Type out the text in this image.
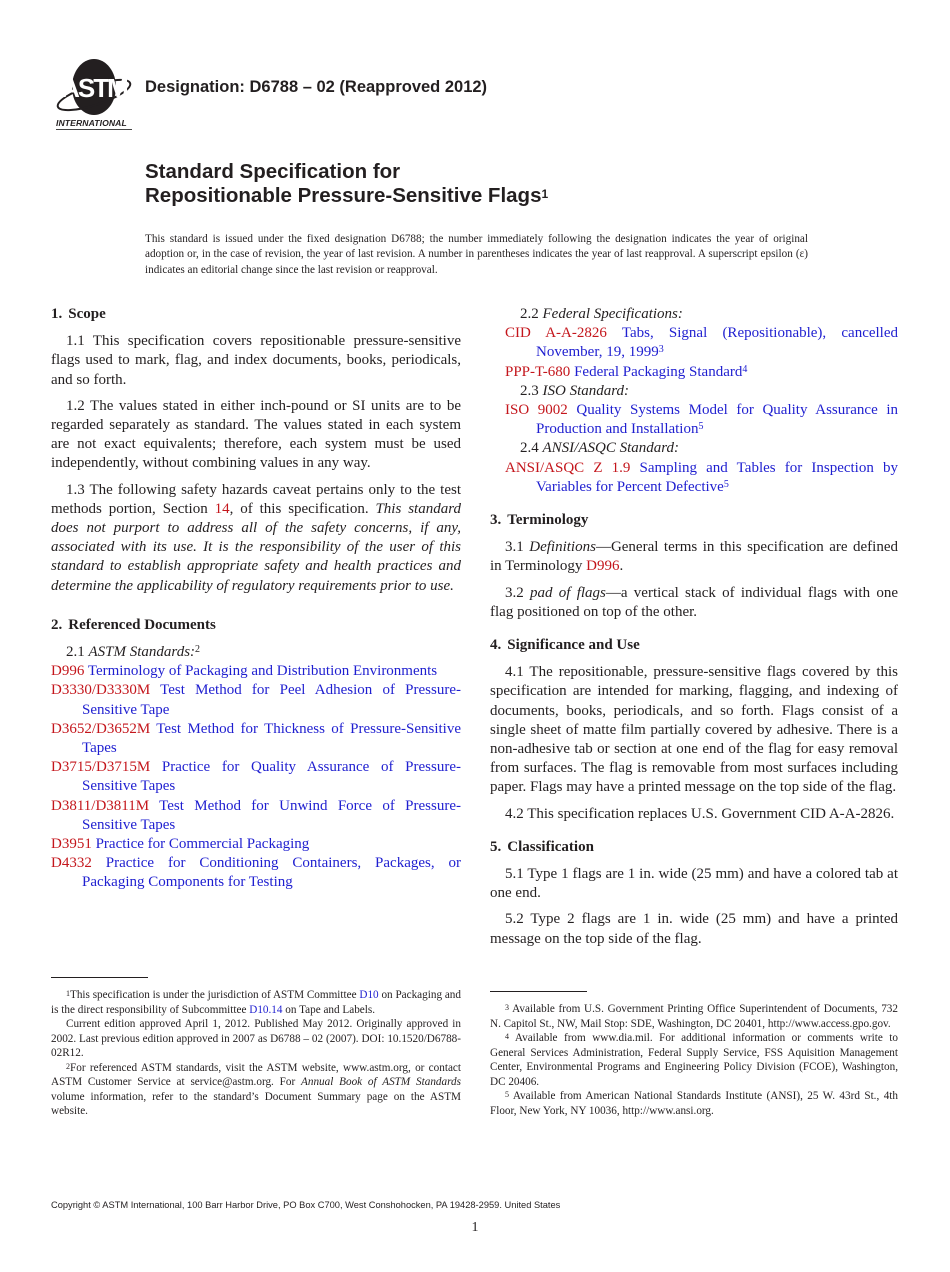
ASTM
INTERNATIONAL
Designation: D6788 – 02 (Reapproved 2012)
Standard Specification for
Repositionable Pressure-Sensitive Flags$^1$
This standard is issued under the fixed designation D6788; the number immediately following the designation indicates the year of original adoption or, in the case of revision, the year of last revision. A number in parentheses indicates the year of last reapproval. A superscript epsilon (ε) indicates an editorial change since the last revision or reapproval.
1. Scope

1.1 This specification covers repositionable pressure-sensitive flags used to mark, flag, and index documents, books, periodicals, and so forth.

1.2 The values stated in either inch-pound or SI units are to be regarded separately as standard. The values stated in each system are not exact equivalents; therefore, each system must be used independently, without combining values in any way.

1.3 The following safety hazards caveat pertains only to the test methods portion, Section 14, of this specification. This standard does not purport to address all of the safety concerns, if any, associated with its use. It is the responsibility of the user of this standard to establish appropriate safety and health practices and determine the applicability of regulatory requirements prior to use.

2. Referenced Documents
2.1 ASTM Standards:$^2$
D996 Terminology of Packaging and Distribution Environments
D3330/D3330M Test Method for Peel Adhesion of Pressure-Sensitive Tape
D3652/D3652M Test Method for Thickness of Pressure-Sensitive Tapes
D3715/D3715M Practice for Quality Assurance of Pressure-Sensitive Tapes
D3811/D3811M Test Method for Unwind Force of Pressure-Sensitive Tapes
D3951 Practice for Commercial Packaging
D4332 Practice for Conditioning Containers, Packages, or Packaging Components for Testing
2.2 Federal Specifications:
CID A-A-2826 Tabs, Signal (Repositionable), cancelled November, 19, 1999$^3$
PPP-T-680 Federal Packaging Standard$^4$
2.3 ISO Standard:
ISO 9002 Quality Systems Model for Quality Assurance in Production and Installation$^5$
2.4 ANSI/ASQC Standard:
ANSI/ASQC Z 1.9 Sampling and Tables for Inspection by Variables for Percent Defective$^5$
3. Terminology

3.1 Definitions—General terms in this specification are defined in Terminology D996.

3.2 pad of flags—a vertical stack of individual flags with one flag positioned on top of the other.

4. Significance and Use

4.1 The repositionable, pressure-sensitive flags covered by this specification are intended for marking, flagging, and indexing of documents, books, periodicals, and so forth. Flags consist of a single sheet of matte film partially covered by adhesive. There is a non-adhesive tab or section at one end of the flag for easy removal from surfaces. The flag is removable from most surfaces including paper. Flags may have a printed message on the top side of the flag.

4.2 This specification replaces U.S. Government CID A-A-2826.

5. Classification

5.1 Type 1 flags are 1 in. wide (25 mm) and have a colored tab at one end.

5.2 Type 2 flags are 1 in. wide (25 mm) and have a printed message on the top side of the flag.

$^1$This specification is under the jurisdiction of ASTM Committee D10 on Packaging and is the direct responsibility of Subcommittee D10.14 on Tape and Labels.

Current edition approved April 1, 2012. Published May 2012. Originally approved in 2002. Last previous edition approved in 2007 as D6788 – 02 (2007). DOI: 10.1520/D6788-02R12.

$^2$For referenced ASTM standards, visit the ASTM website, www.astm.org, or contact ASTM Customer Service at service@astm.org. For Annual Book of ASTM Standards volume information, refer to the standard’s Document Summary page on the ASTM website.

$^3$ Available from U.S. Government Printing Office Superintendent of Documents, 732 N. Capitol St., NW, Mail Stop: SDE, Washington, DC 20401, http://www.access.gpo.gov.

$^4$ Available from www.dia.mil. For additional information or comments write to General Services Administration, Federal Supply Service, FSS Aquisition Management Center, Environmental Programs and Engineering Policy Division (FCOE), Washington, DC 20406.

$^5$ Available from American National Standards Institute (ANSI), 25 W. 43rd St., 4th Floor, New York, NY 10036, http://www.ansi.org.

Copyright © ASTM International, 100 Barr Harbor Drive, PO Box C700, West Conshohocken, PA 19428-2959. United States
1
